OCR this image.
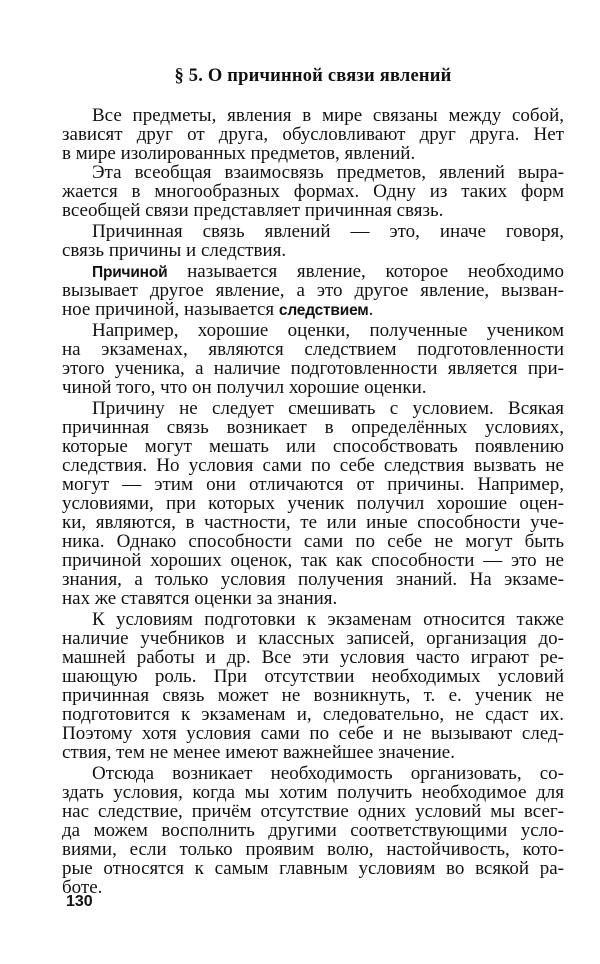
§ 5. О причинной связи явлений
Все предметы, явления в мире связаны между собой,
зависят друг от друга, обусловливают друг друга. Нет
в мире изолированных предметов, явлений.
Эта всеобщая взаимосвязь предметов, явлений выра-
жается в многообразных формах. Одну из таких форм
всеобщей связи представляет причинная связь.
Причинная связь явлений — это, иначе говоря,
связь причины и следствия.
Причиной называется явление, которое необходимо
вызывает другое явление, а это другое явление, вызван-
ное причиной, называется следствием.
Например, хорошие оценки, полученные учеником
на экзаменах, являются следствием подготовленности
этого ученика, а наличие подготовленности является при-
чиной того, что он получил хорошие оценки.
Причину не следует смешивать с условием. Всякая
причинная связь возникает в определённых условиях,
которые могут мешать или способствовать появлению
следствия. Но условия сами по себе следствия вызвать не
могут — этим они отличаются от причины. Например,
условиями, при которых ученик получил хорошие оцен-
ки, являются, в частности, те или иные способности уче-
ника. Однако способности сами по себе не могут быть
причиной хороших оценок, так как способности — это не
знания, а только условия получения знаний. На экзаме-
нах же ставятся оценки за знания.
К условиям подготовки к экзаменам относится также
наличие учебников и классных записей, организация до-
машней работы и др. Все эти условия часто играют ре-
шающую роль. При отсутствии необходимых условий
причинная связь может не возникнуть, т. е. ученик не
подготовится к экзаменам и, следовательно, не сдаст их.
Поэтому хотя условия сами по себе и не вызывают след-
ствия, тем не менее имеют важнейшее значение.
Отсюда возникает необходимость организовать, со-
здать условия, когда мы хотим получить необходимое для
нас следствие, причём отсутствие одних условий мы всег-
да можем восполнить другими соответствующими усло-
виями, если только проявим волю, настойчивость, кото-
рые относятся к самым главным условиям во всякой ра-
боте.

130
